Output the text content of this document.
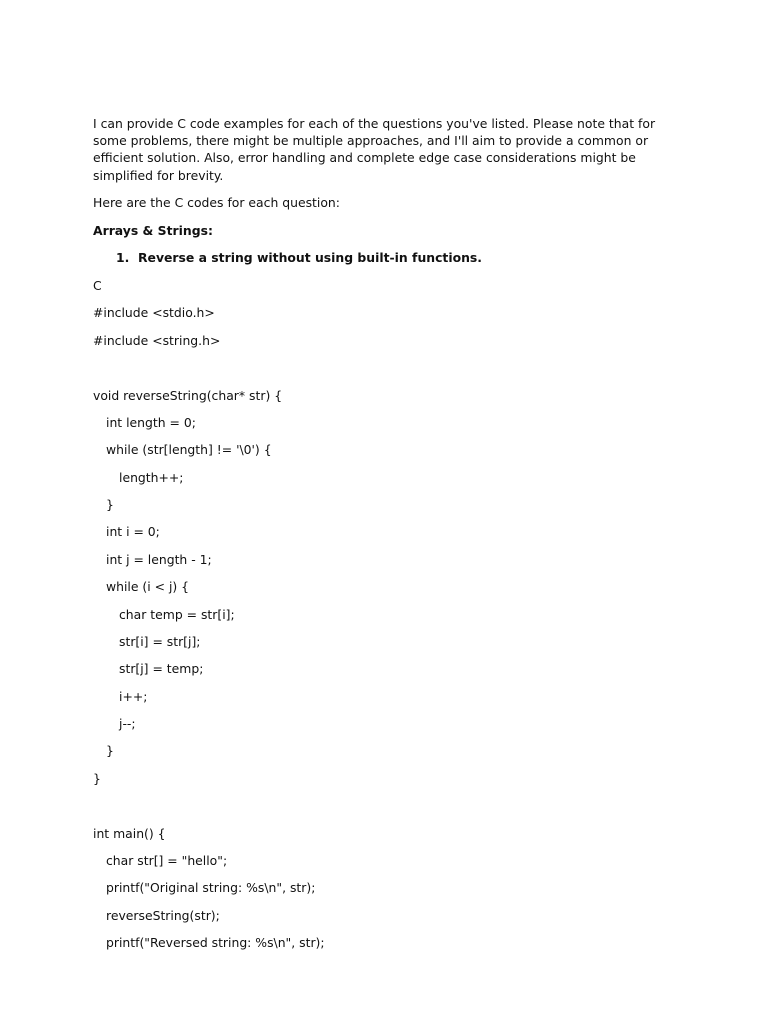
I can provide C code examples for each of the questions you've listed. Please note that for some problems, there might be multiple approaches, and I'll aim to provide a common or efficient solution. Also, error handling and complete edge case considerations might be simplified for brevity.

Here are the C codes for each question:

Arrays & Strings:

1. Reverse a string without using built-in functions.

C

#include <stdio.h>
#include <string.h>
void reverseString(char* str) {
int length = 0;
while (str[length] != '\0') {
length++;
}
int i = 0;
int j = length - 1;
while (i < j) {
char temp = str[i];
str[i] = str[j];
str[j] = temp;
i++;
j--;
}
}
int main() {
char str[] = "hello";
printf("Original string: %s\n", str);
reverseString(str);
printf("Reversed string: %s\n", str);
